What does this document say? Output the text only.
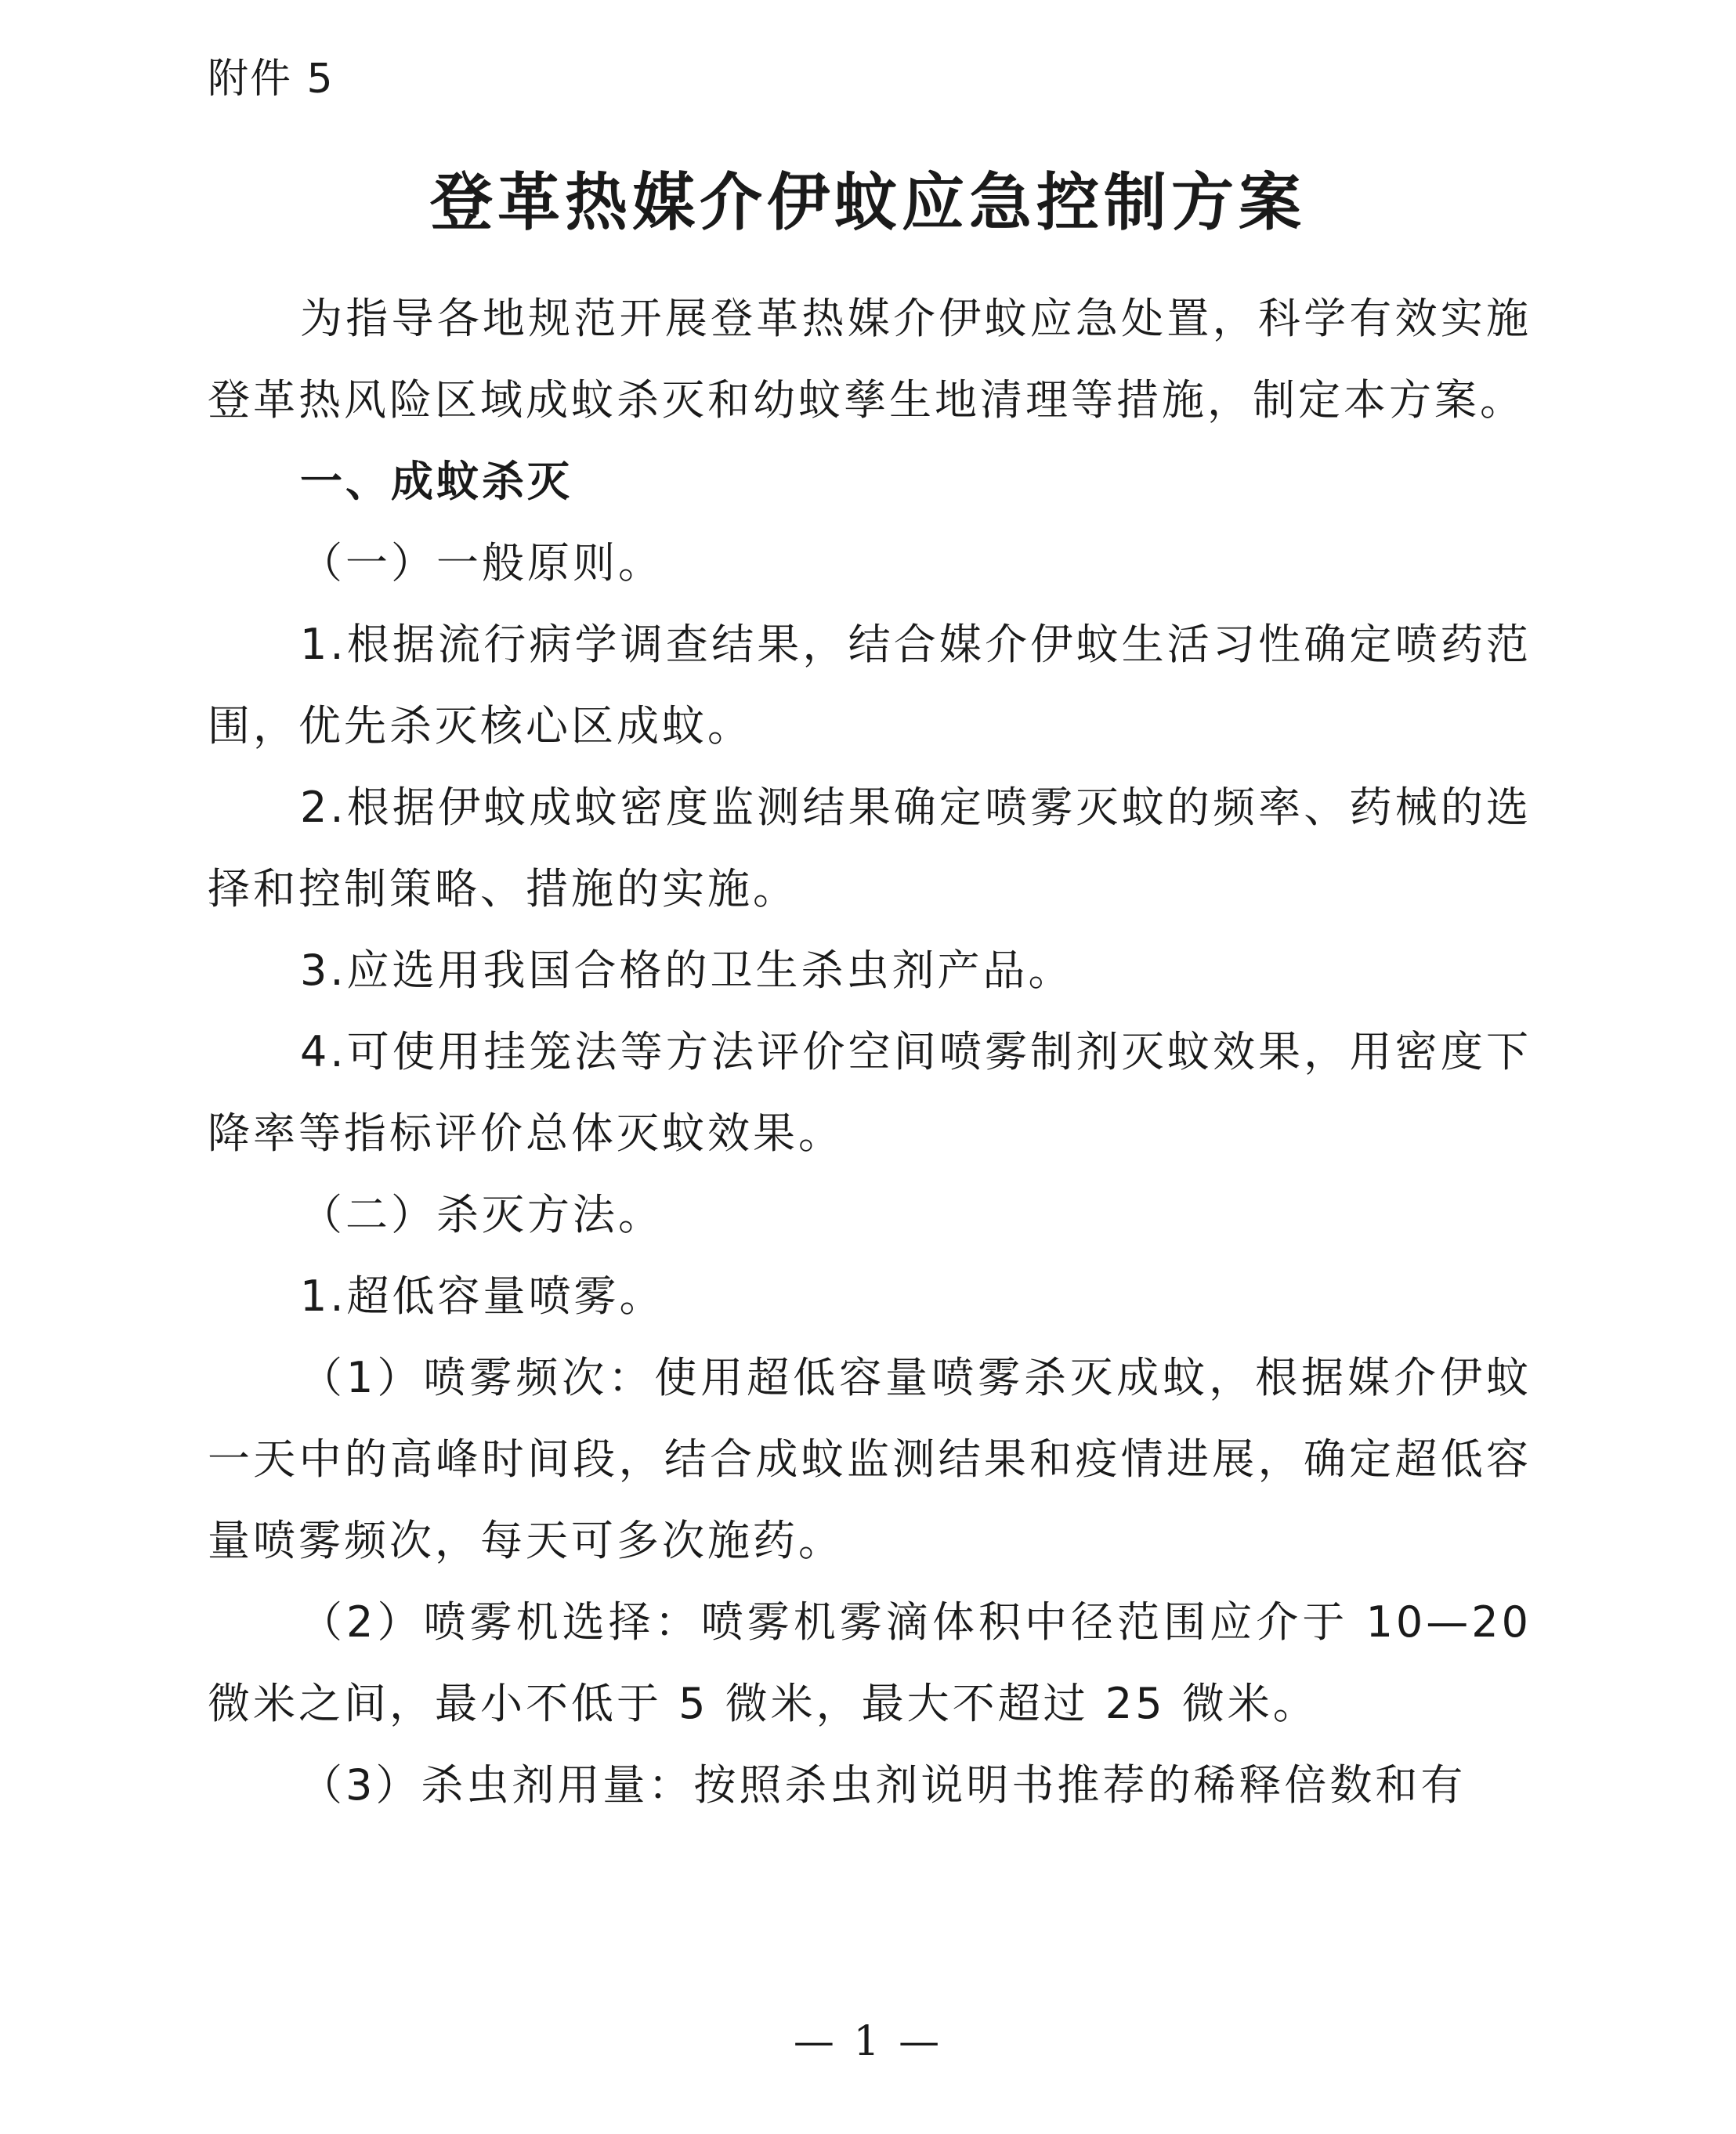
附件 5
登革热媒介伊蚊应急控制方案

为指导各地规范开展登革热媒介伊蚊应急处置，科学有效实施登革热风险区域成蚊杀灭和幼蚊孳生地清理等措施，制定本方案。

一、成蚊杀灭

（一）一般原则。

1.根据流行病学调查结果，结合媒介伊蚊生活习性确定喷药范围，优先杀灭核心区成蚊。

2.根据伊蚊成蚊密度监测结果确定喷雾灭蚊的频率、药械的选择和控制策略、措施的实施。

3.应选用我国合格的卫生杀虫剂产品。

4.可使用挂笼法等方法评价空间喷雾制剂灭蚊效果，用密度下降率等指标评价总体灭蚊效果。

（二）杀灭方法。

1.超低容量喷雾。

（1）喷雾频次：使用超低容量喷雾杀灭成蚊，根据媒介伊蚊一天中的高峰时间段，结合成蚊监测结果和疫情进展，确定超低容量喷雾频次，每天可多次施药。

（2）喷雾机选择：喷雾机雾滴体积中径范围应介于 10—20 微米之间，最小不低于 5 微米，最大不超过 25 微米。

（3）杀虫剂用量：按照杀虫剂说明书推荐的稀释倍数和有

— 1 —
